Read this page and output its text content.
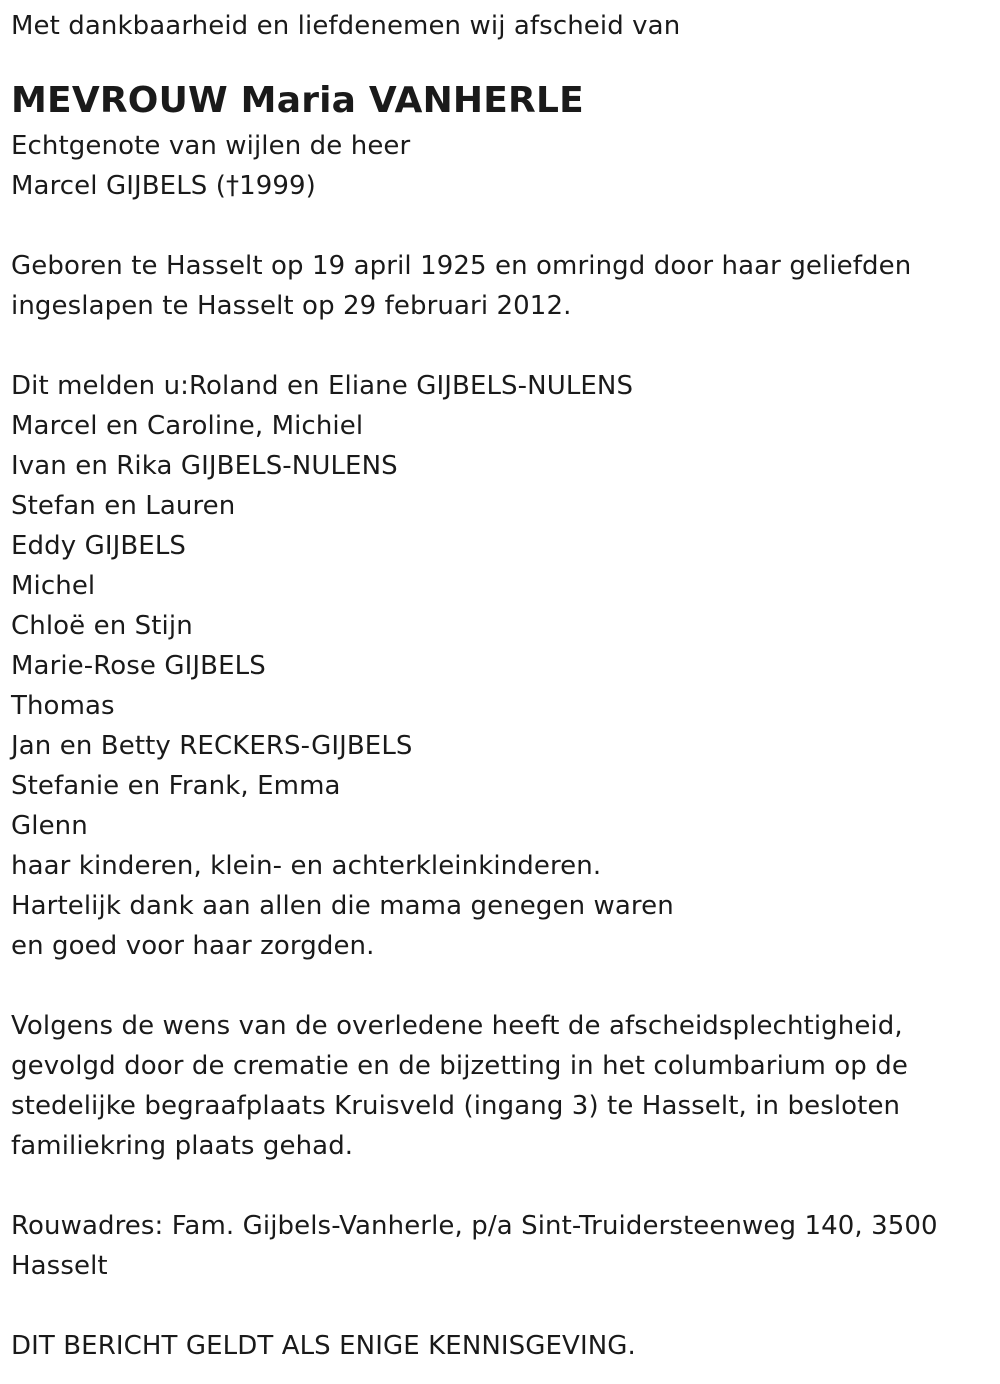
Met dankbaarheid en liefdenemen wij afscheid van
MEVROUW Maria VANHERLE
Echtgenote van wijlen de heer
Marcel GIJBELS (†1999)
Geboren te Hasselt op 19 april 1925 en omringd door haar geliefden
ingeslapen te Hasselt op 29 februari 2012.
Dit melden u:Roland en Eliane GIJBELS-NULENS
Marcel en Caroline, Michiel
Ivan en Rika GIJBELS-NULENS
Stefan en Lauren
Eddy GIJBELS
Michel
Chloë en Stijn
Marie-Rose GIJBELS
Thomas
Jan en Betty RECKERS-GIJBELS
Stefanie en Frank, Emma
Glenn
haar kinderen, klein- en achterkleinkinderen.
Hartelijk dank aan allen die mama genegen waren
en goed voor haar zorgden.
Volgens de wens van de overledene heeft de afscheidsplechtigheid,
gevolgd door de crematie en de bijzetting in het columbarium op de
stedelijke begraafplaats Kruisveld (ingang 3) te Hasselt, in besloten
familiekring plaats gehad.
Rouwadres: Fam. Gijbels-Vanherle, p/a Sint-Truidersteenweg 140, 3500
Hasselt
DIT BERICHT GELDT ALS ENIGE KENNISGEVING.
